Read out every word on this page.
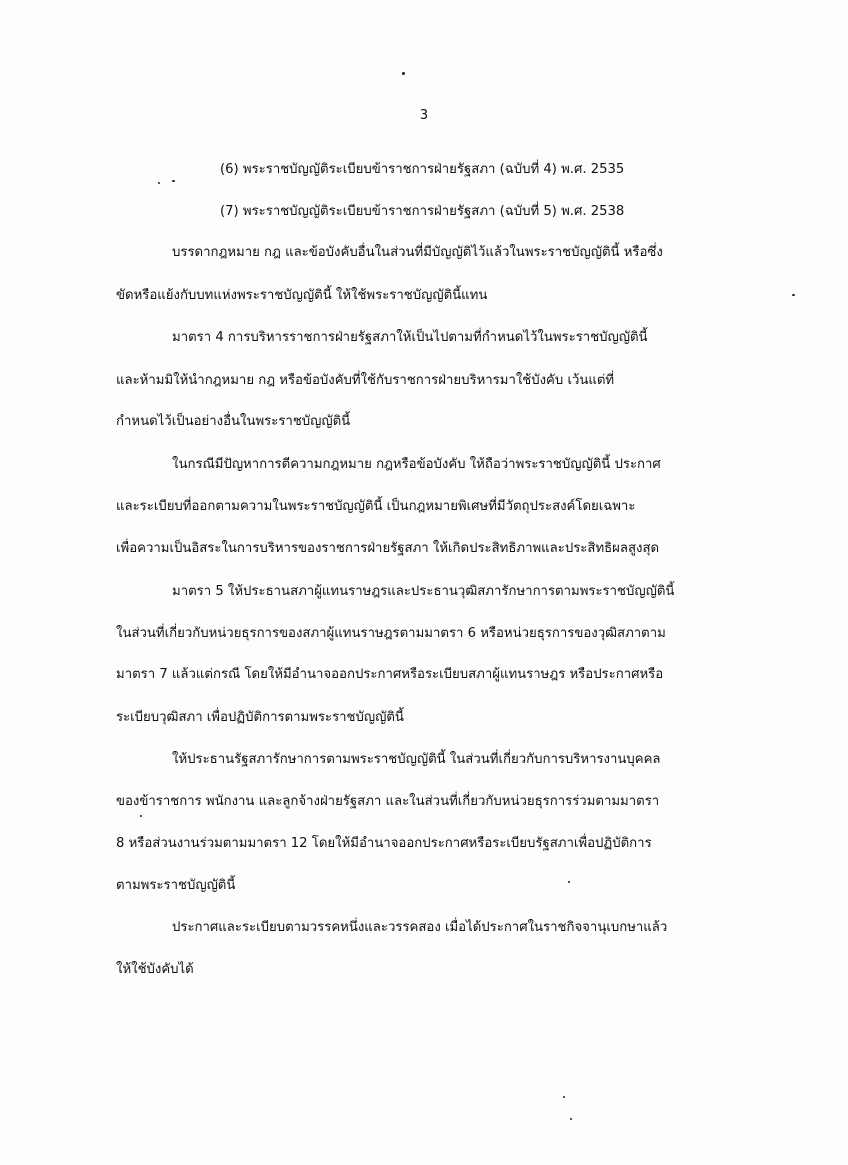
3
(6) พระราชบัญญัติระเบียบข้าราชการฝ่ายรัฐสภา (ฉบับที่ 4) พ.ศ. 2535
(7) พระราชบัญญัติระเบียบข้าราชการฝ่ายรัฐสภา (ฉบับที่ 5) พ.ศ. 2538
บรรดากฎหมาย กฎ และข้อบังคับอื่นในส่วนที่มีบัญญัติไว้แล้วในพระราชบัญญัตินี้ หรือซึ่ง
ขัดหรือแย้งกับบทแห่งพระราชบัญญัตินี้ ให้ใช้พระราชบัญญัตินี้แทน
มาตรา 4 การบริหารราชการฝ่ายรัฐสภาให้เป็นไปตามที่กำหนดไว้ในพระราชบัญญัตินี้
และห้ามมิให้นำกฎหมาย กฎ หรือข้อบังคับที่ใช้กับราชการฝ่ายบริหารมาใช้บังคับ เว้นแต่ที่
กำหนดไว้เป็นอย่างอื่นในพระราชบัญญัตินี้
ในกรณีมีปัญหาการตีความกฎหมาย กฎหรือข้อบังคับ ให้ถือว่าพระราชบัญญัตินี้ ประกาศ
และระเบียบที่ออกตามความในพระราชบัญญัตินี้ เป็นกฎหมายพิเศษที่มีวัตถุประสงค์โดยเฉพาะ
เพื่อความเป็นอิสระในการบริหารของราชการฝ่ายรัฐสภา ให้เกิดประสิทธิภาพและประสิทธิผลสูงสุด
มาตรา 5 ให้ประธานสภาผู้แทนราษฎรและประธานวุฒิสภารักษาการตามพระราชบัญญัตินี้
ในส่วนที่เกี่ยวกับหน่วยธุรการของสภาผู้แทนราษฎรตามมาตรา 6 หรือหน่วยธุรการของวุฒิสภาตาม
มาตรา 7 แล้วแต่กรณี โดยให้มีอำนาจออกประกาศหรือระเบียบสภาผู้แทนราษฎร หรือประกาศหรือ
ระเบียบวุฒิสภา เพื่อปฏิบัติการตามพระราชบัญญัตินี้
ให้ประธานรัฐสภารักษาการตามพระราชบัญญัตินี้ ในส่วนที่เกี่ยวกับการบริหารงานบุคคล
ของข้าราชการ พนักงาน และลูกจ้างฝ่ายรัฐสภา และในส่วนที่เกี่ยวกับหน่วยธุรการร่วมตามมาตรา
8 หรือส่วนงานร่วมตามมาตรา 12 โดยให้มีอำนาจออกประกาศหรือระเบียบรัฐสภาเพื่อปฏิบัติการ
ตามพระราชบัญญัตินี้
ประกาศและระเบียบตามวรรคหนึ่งและวรรคสอง เมื่อได้ประกาศในราชกิจจานุเบกษาแล้ว
ให้ใช้บังคับได้
